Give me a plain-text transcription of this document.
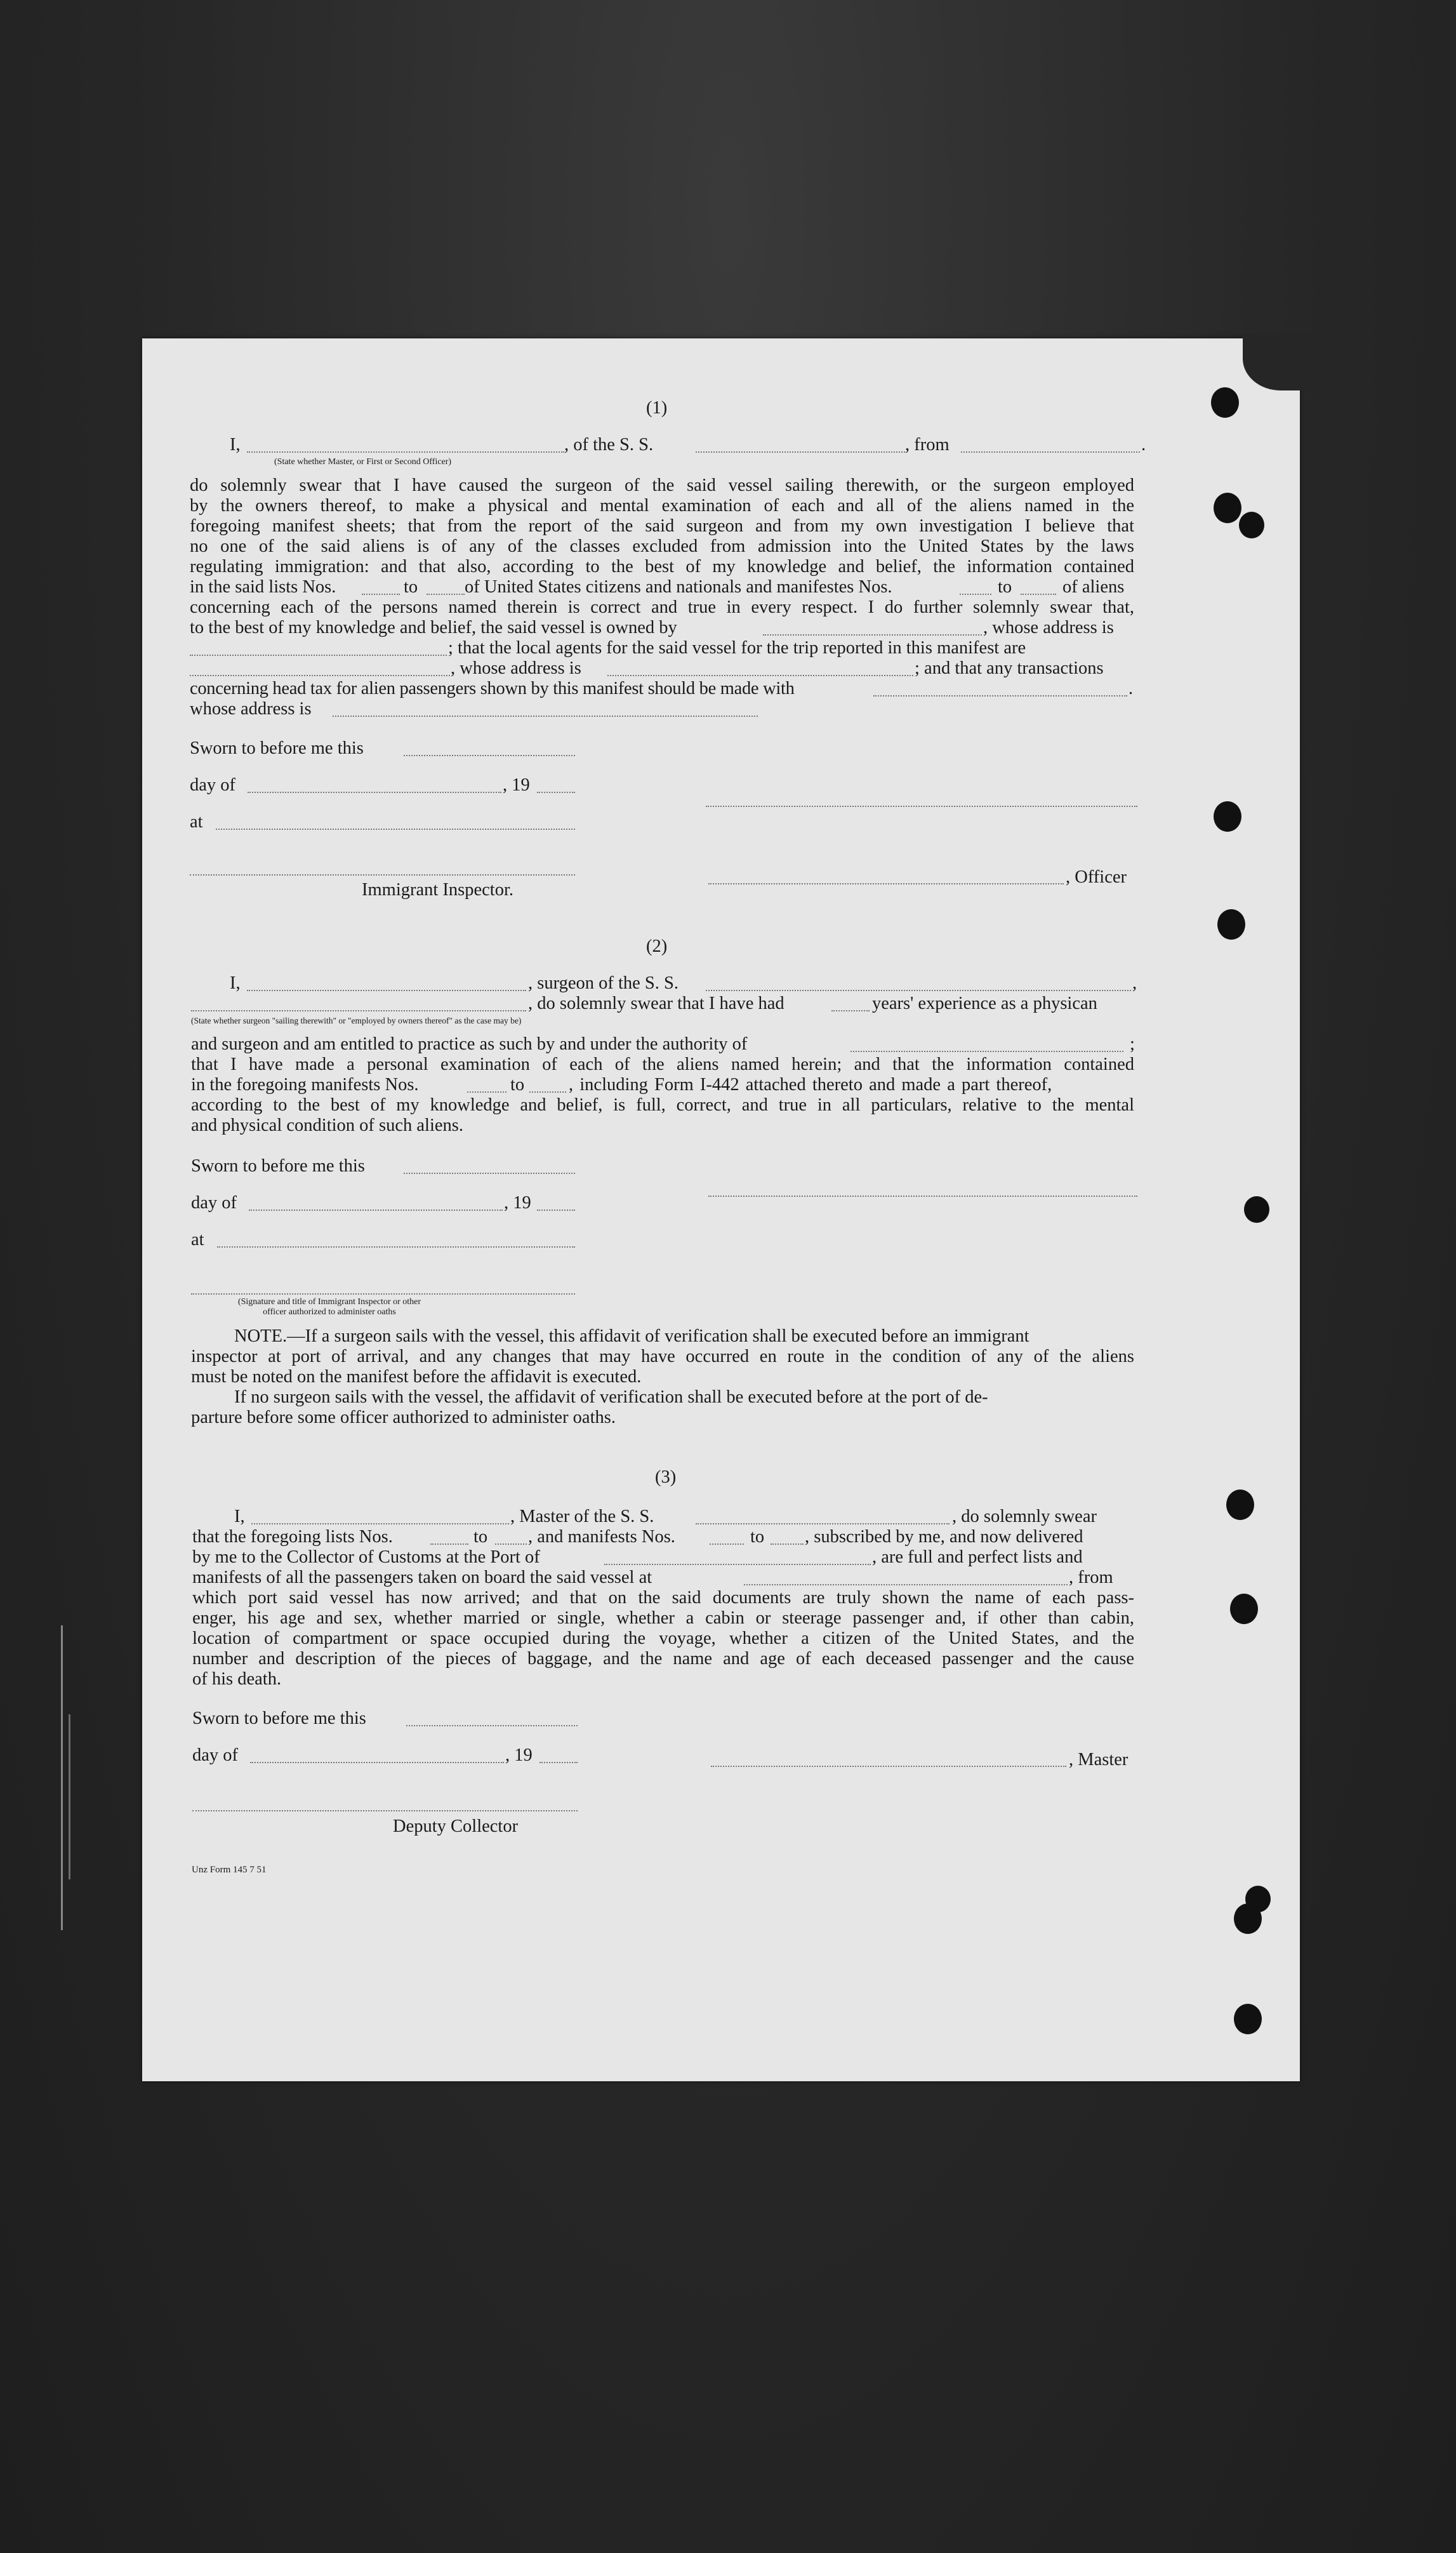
(1)
I,	, of the S. S.	, from	.
(State whether Master, or First or Second Officer)
do solemnly swear that I have caused the surgeon of the said vessel sailing therewith, or the surgeon employed
by the owners thereof, to make a physical and mental examination of each and all of the aliens named in the
foregoing manifest sheets; that from the report of the said surgeon and from my own investigation I believe that
no one of the said aliens is of any of the classes excluded from admission into the United States by the laws
regulating immigration: and that also, according to the best of my knowledge and belief, the information contained
in the said lists Nos.	to	of United States citizens and nationals and manifestes Nos.	to	of aliens
concerning each of the persons named therein is correct and true in every respect. I do further solemnly swear that,
to the best of my knowledge and belief, the said vessel is owned by	, whose address is
; that the local agents for the said vessel for the trip reported in this manifest are
, whose address is	; and that any transactions
concerning head tax for alien passengers shown by this manifest should be made with	.
whose address is
Sworn to before me this
day of	, 19
at
, Officer
Immigrant Inspector.
(2)
I,	, surgeon of the S. S.	,
, do solemnly swear that I have had	years' experience as a physican
(State whether surgeon "sailing therewith" or "employed by owners thereof" as the case may be)
and surgeon and am entitled to practice as such by and under the authority of	;
that I have made a personal examination of each of the aliens named herein; and that the information contained
in the foregoing manifests Nos.	to , including Form I-442 attached thereto and made a part thereof,
according to the best of my knowledge and belief, is full, correct, and true in all particulars, relative to the mental
and physical condition of such aliens.
Sworn to before me this
day of	, 19
at
(Signature and title of Immigrant Inspector or other officer authorized to administer oaths
NOTE.—If a surgeon sails with the vessel, this affidavit of verification shall be executed before an immigrant
inspector at port of arrival, and any changes that may have occurred en route in the condition of any of the aliens
must be noted on the manifest before the affidavit is executed.
If no surgeon sails with the vessel, the affidavit of verification shall be executed before at the port of de-
parture before some officer authorized to administer oaths.
(3)
I,	, Master of the S. S.	, do solemnly swear
that the foregoing lists Nos.	to , and manifests Nos.	to , subscribed by me, and now delivered
by me to the Collector of Customs at the Port of	, are full and perfect lists and
manifests of all the passengers taken on board the said vessel at	, from
which port said vessel has now arrived; and that on the said documents are truly shown the name of each pass-
enger, his age and sex, whether married or single, whether a cabin or steerage passenger and, if other than cabin,
location of compartment or space occupied during the voyage, whether a citizen of the United States, and the
number and description of the pieces of baggage, and the name and age of each deceased passenger and the cause
of his death.
Sworn to before me this
day of	, 19	, Master
Deputy Collector
Unz Form 145 7 51
